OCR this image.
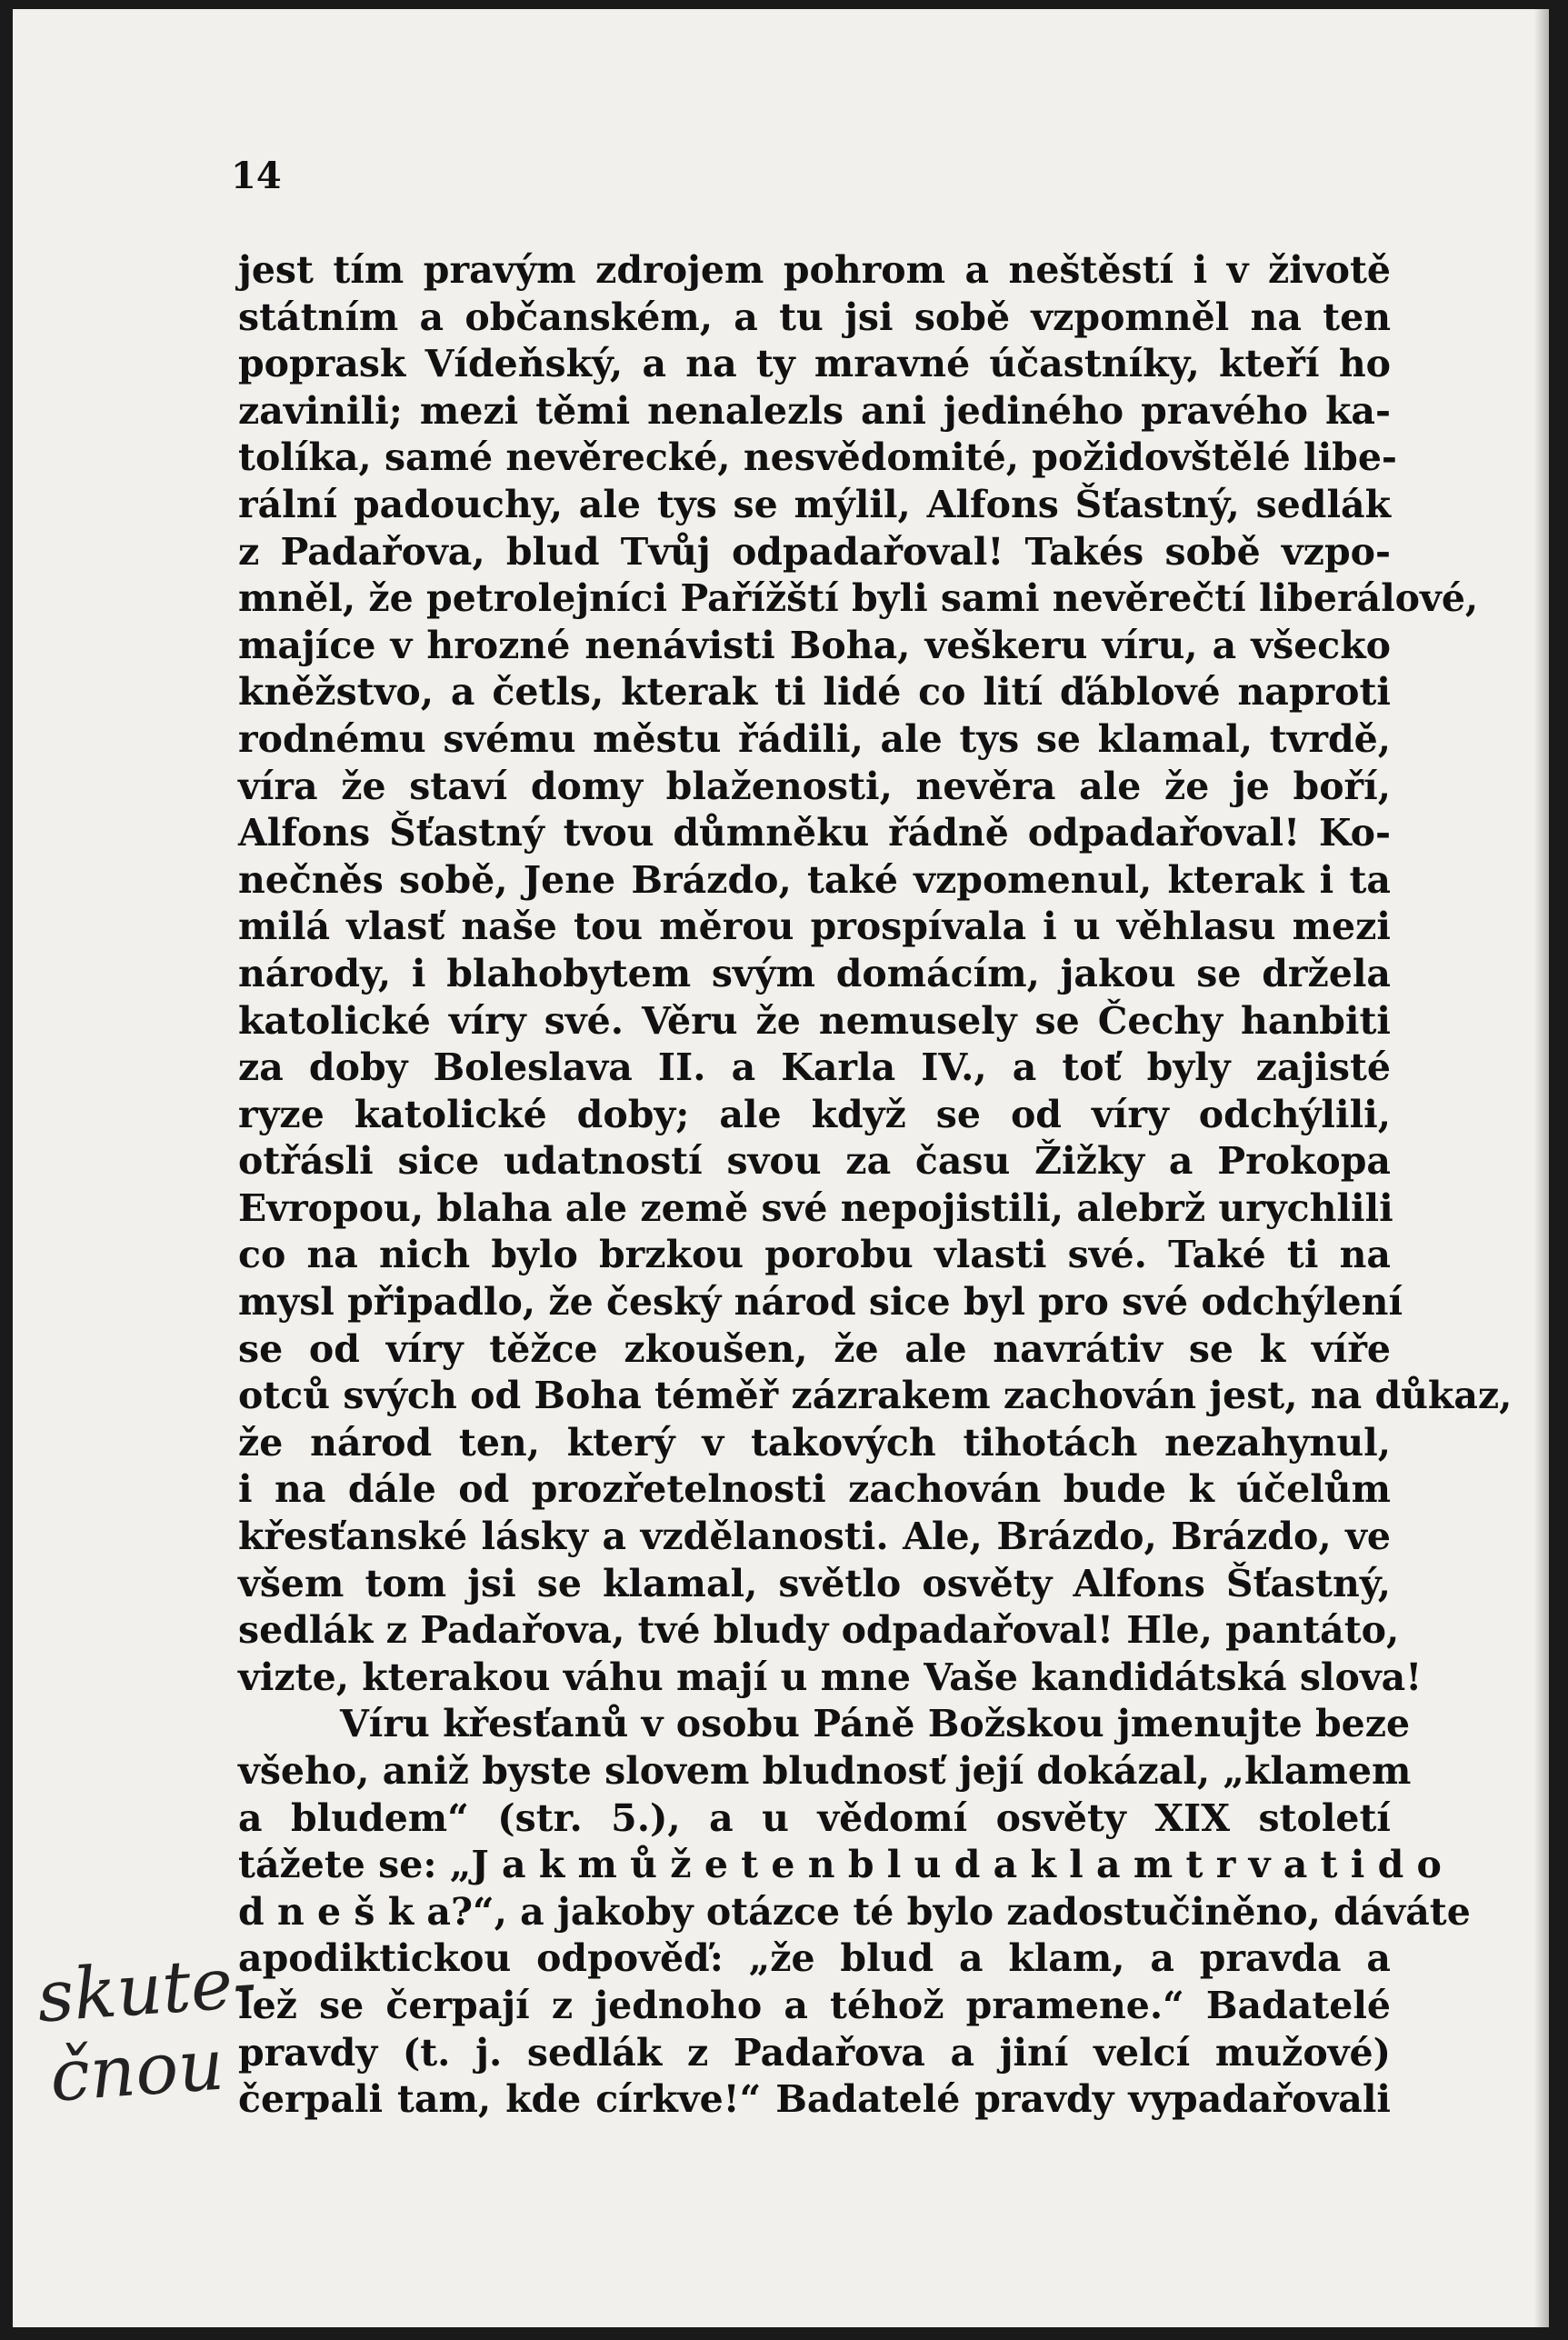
14
jest tím pravým zdrojem pohrom a neštěstí i v životě
státním a občanském, a tu jsi sobě vzpomněl na ten
poprask Vídeňský, a na ty mravné účastníky, kteří ho
zavinili; mezi těmi nenalezls ani jediného pravého ka-
tolíka, samé nevěrecké, nesvědomité, požidovštělé libe-
rální padouchy, ale tys se mýlil, Alfons Šťastný, sedlák
z Padařova, blud Tvůj odpadařoval! Takés sobě vzpo-
mněl, že petrolejníci Pařížští byli sami nevěrečtí liberálové,
majíce v hrozné nenávisti Boha, veškeru víru, a všecko
kněžstvo, a četls, kterak ti lidé co lití ďáblové naproti
rodnému svému městu řádili, ale tys se klamal, tvrdě,
víra že staví domy blaženosti, nevěra ale že je boří,
Alfons Šťastný tvou důmněku řádně odpadařoval! Ko-
nečněs sobě, Jene Brázdo, také vzpomenul, kterak i ta
milá vlasť naše tou měrou prospívala i u věhlasu mezi
národy, i blahobytem svým domácím, jakou se držela
katolické víry své. Věru že nemusely se Čechy hanbiti
za doby Boleslava II. a Karla IV., a toť byly zajisté
ryze katolické doby; ale když se od víry odchýlili,
otřásli sice udatností svou za času Žižky a Prokopa
Evropou, blaha ale země své nepojistili, alebrž urychlili
co na nich bylo brzkou porobu vlasti své. Také ti na
mysl připadlo, že český národ sice byl pro své odchýlení
se od víry těžce zkoušen, že ale navrátiv se k víře
otců svých od Boha téměř zázrakem zachován jest, na důkaz,
že národ ten, který v takových tihotách nezahynul,
i na dále od prozřetelnosti zachován bude k účelům
křesťanské lásky a vzdělanosti. Ale, Brázdo, Brázdo, ve
všem tom jsi se klamal, světlo osvěty Alfons Šťastný,
sedlák z Padařova, tvé bludy odpadařoval! Hle, pantáto,
vizte, kterakou váhu mají u mne Vaše kandidátská slova!
Víru křesťanů v osobu Páně Božskou jmenujte beze
všeho, aniž byste slovem bludnosť její dokázal, „klamem
a bludem“ (str. 5.), a u vědomí osvěty XIX století
tážete se: „J a k m ů ž e t e n b l u d a k l a m t r v a t i d o
d n e š k a?“, a jakoby otázce té bylo zadostučiněno, dáváte
apodiktickou odpověď: „že blud a klam, a pravda a
lež se čerpají z jednoho a téhož pramene.“ Badatelé
pravdy (t. j. sedlák z Padařova a jiní velcí mužové)
čerpali tam, kde církve!“ Badatelé pravdy vypadařovali
skute-
čnou
